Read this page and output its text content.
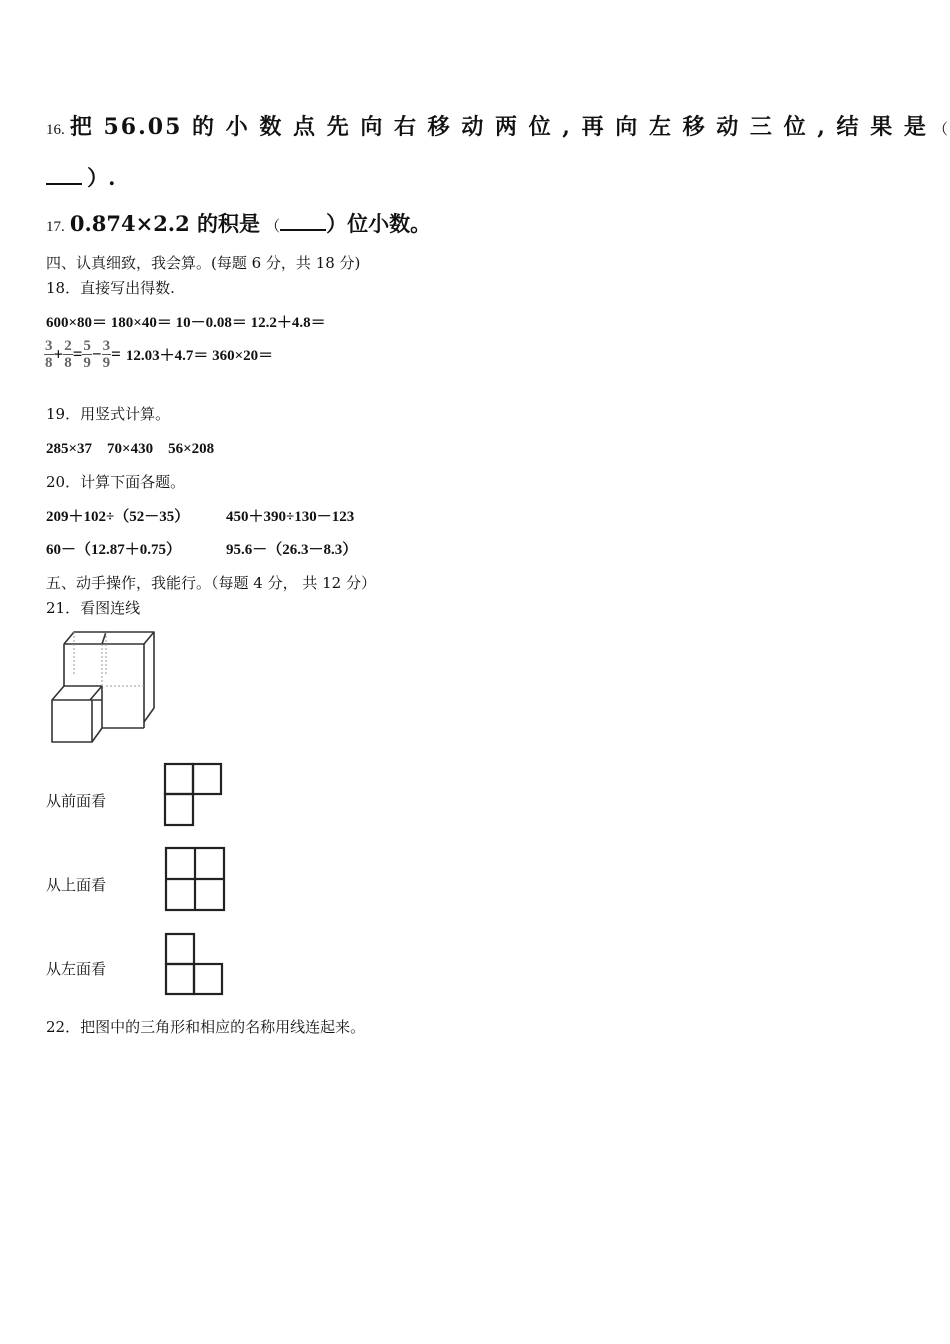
16. 把 56.05 的 小 数 点 先 向 右 移 动 两 位 , 再 向 左 移 动 三 位 , 结 果 是 （
）.
17. 0.874×2.2 的积是 （ ）位小数。
四、认真细致，我会算。(每题 6 分，共 18 分)
18．直接写出得数.
600×80＝ 180×40＝ 10－0.08＝ 12.2＋4.8＝
$\frac{3}{8} + \frac{2}{8} = \frac{5}{9} - \frac{3}{9} = 12.03+4.7= 360\times 20=$
19．用竖式计算。
285×37　70×430　56×208
20．计算下面各题。
209＋102÷（52－35） 450＋390÷130－123
60－（12.87＋0.75）	95.6－（26.3－8.3）
五、动手操作，我能行。（每题 4 分， 共 12 分）
21．看图连线
从前面看
从上面看
从左面看
22．把图中的三角形和相应的名称用线连起来。
